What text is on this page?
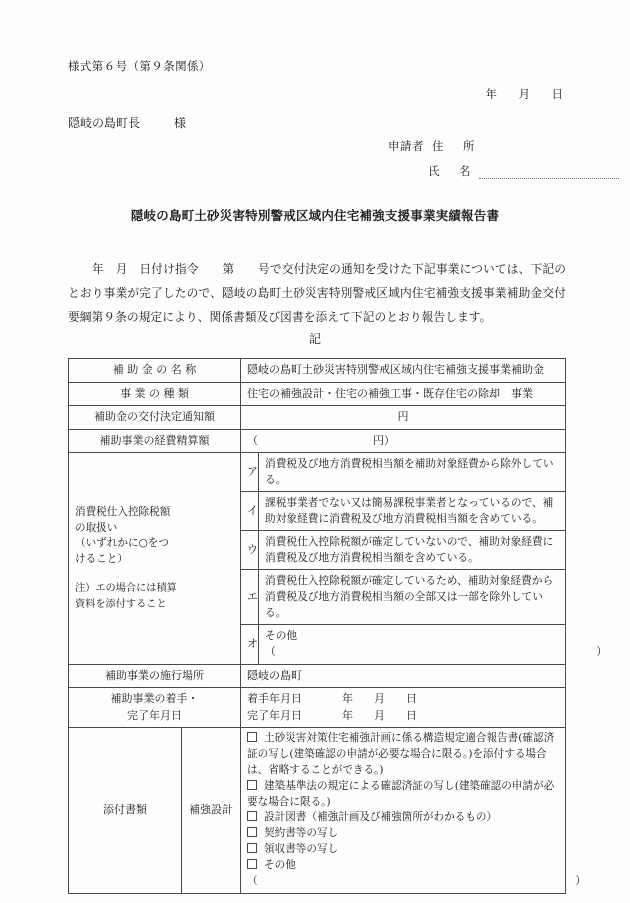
様式第６号（第９条関係）
年　月　日
隠岐の島町長	様
申請者 住　所
氏　名
隠岐の島町土砂災害特別警戒区域内住宅補強支援事業実績報告書
年　月　日付け指令　　第　　号で交付決定の通知を受けた下記事業については、下記のとおり事業が完了したので、隠岐の島町土砂災害特別警戒区域内住宅補強支援事業補助金交付要綱第９条の規定により、関係書類及び図書を添えて下記のとおり報告します。
記
補 助 金 の 名 称		隠岐の島町土砂災害特別警戒区域内住宅補強支援事業補助金	
事 業 の 種 類		住宅の補強設計・住宅の補強工事・既存住宅の除却　事業	
補助金の交付決定通知額		円	
補助事業の経費精算額		（ 円）	

消費税仕入控除税額
の取扱い
（いずれかに○をつ
けること）
注）エの場合には積算
資料を添付すること
	ア	消費税及び地方消費税相当額を補助対象経費から除外している。
		イ	課税事業者でない又は簡易課税事業者となっているので、補助対象経費に消費税及び地方消費税相当額を含めている。
		ウ	消費税仕入控除税額が確定していないので、補助対象経費に消費税及び地方消費税相当額を含めている。
		エ	消費税仕入控除税額が確定しているため、補助対象経費から消費税及び地方消費税相当額の全部又は一部を除外している。
		オ	その他（　　　　　　　　　　　　　　　　　　　　　　　　　　　　　　）
補助事業の施行場所		隠岐の島町	

補助事業の着手・
完了年月日

着手年月日	年　月　日
完了年月日	年　月　日

添付書類	補強設計	
土砂災害対策住宅補強計画に係る構造規定適合報告書(確認済証の写し(建築確認の申請が必要な場合に限る。)を添付する場合は、省略することができる。)
建築基準法の規定による確認済証の写し(建築確認の申請が必要な場合に限る。)
設計図書（補強計画及び補強箇所がわかるもの）
契約書等の写し
領収書等の写し
その他（　　　　　　　　　　　　　　　　　　　　　　　　　　　　　　）
